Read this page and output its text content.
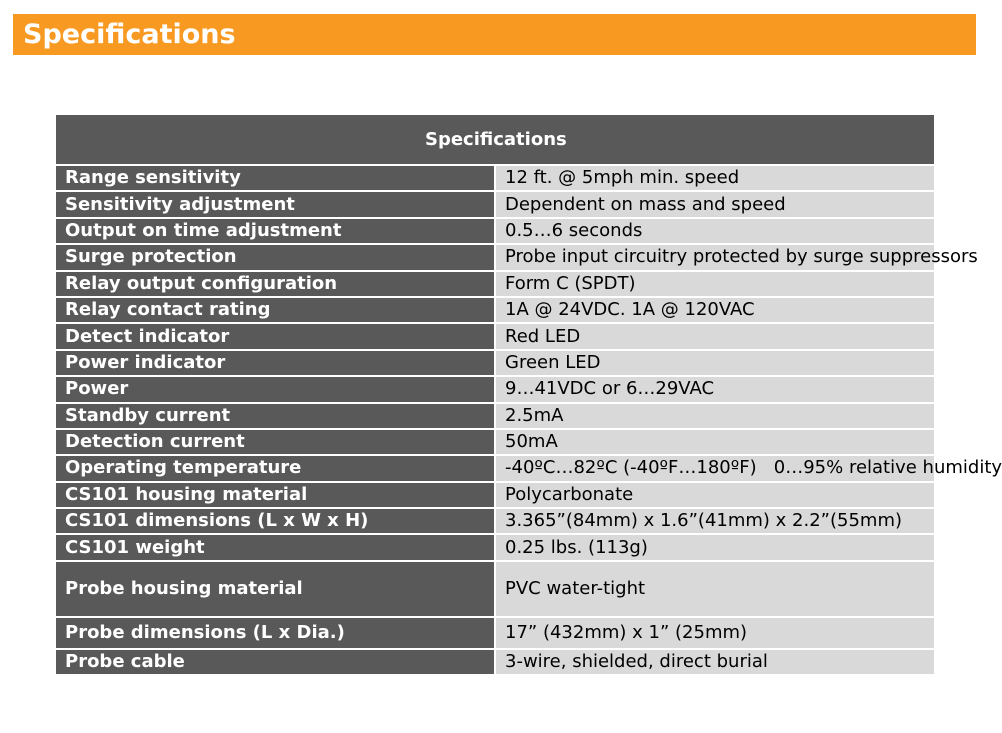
Specifications
Specifications	

Range sensitivity	12 ft. @ 5mph min. speed
Sensitivity adjustment	Dependent on mass and speed
Output on time adjustment	0.5…6 seconds
Surge protection	Probe input circuitry protected by surge suppressors
Relay output configuration	Form C (SPDT)
Relay contact rating	1A @ 24VDC. 1A @ 120VAC
Detect indicator	Red LED
Power indicator	Green LED
Power	9…41VDC or 6…29VAC
Standby current	2.5mA
Detection current	50mA
Operating temperature	-40ºC…82ºC (-40ºF…180ºF)   0…95% relative humidity
CS101 housing material	Polycarbonate
CS101 dimensions (L x W x H)	3.365”(84mm) x 1.6”(41mm) x 2.2”(55mm)
CS101 weight	0.25 lbs. (113g)
Probe housing material	PVC water-tight
Probe dimensions (L x Dia.)	17” (432mm) x 1” (25mm)
Probe cable	3-wire, shielded, direct burial
